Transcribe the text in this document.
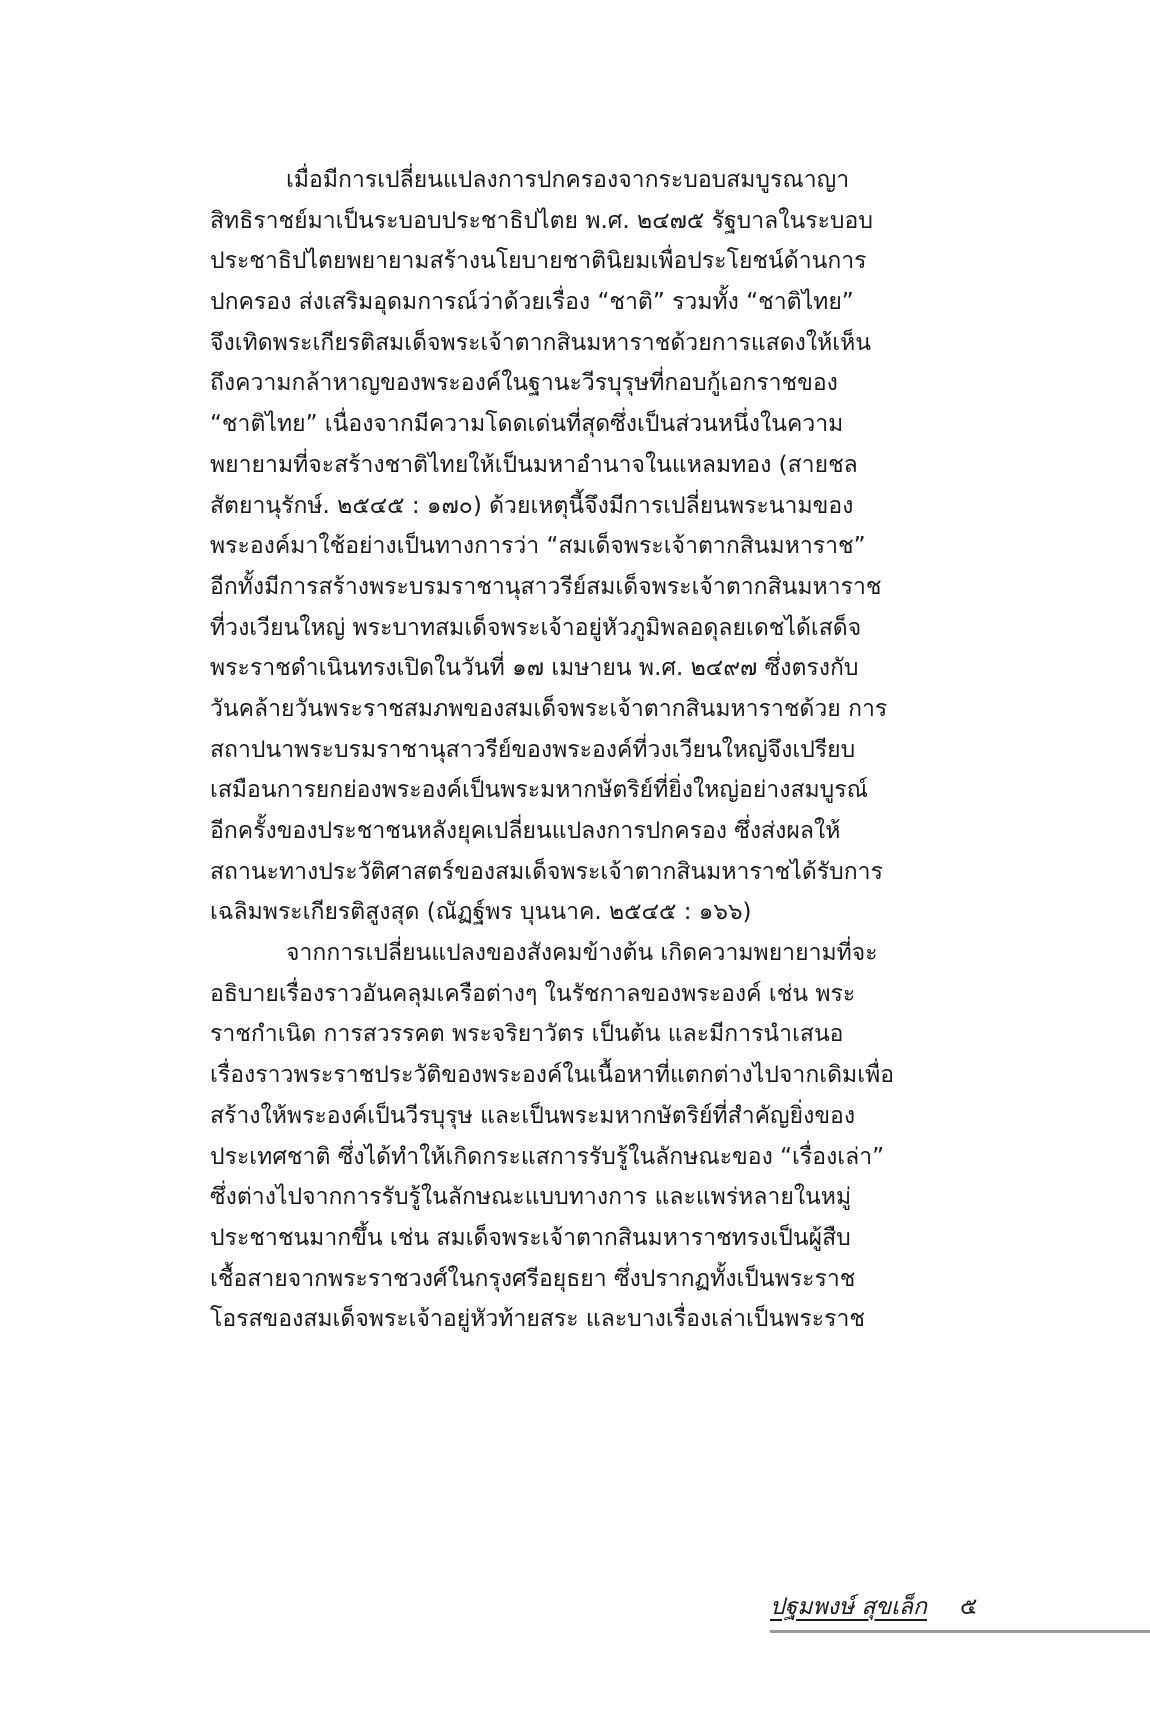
เมื่อมีการเปลี่ยนแปลงการปกครองจากระบอบสมบูรณาญา
สิทธิราชย์มาเป็นระบอบประชาธิปไตย พ.ศ. ๒๔๗๕ รัฐบาลในระบอบ
ประชาธิปไตยพยายามสร้างนโยบายชาตินิยมเพื่อประโยชน์ด้านการ
ปกครอง ส่งเสริมอุดมการณ์ว่าด้วยเรื่อง “ชาติ” รวมทั้ง “ชาติไทย”
จึงเทิดพระเกียรติสมเด็จพระเจ้าตากสินมหาราชด้วยการแสดงให้เห็น
ถึงความกล้าหาญของพระองค์ในฐานะวีรบุรุษที่กอบกู้เอกราชของ
“ชาติไทย” เนื่องจากมีความโดดเด่นที่สุดซึ่งเป็นส่วนหนึ่งในความ
พยายามที่จะสร้างชาติไทยให้เป็นมหาอำนาจในแหลมทอง (สายชล
สัตยานุรักษ์. ๒๕๔๕ : ๑๗๐) ด้วยเหตุนี้จึงมีการเปลี่ยนพระนามของ
พระองค์มาใช้อย่างเป็นทางการว่า “สมเด็จพระเจ้าตากสินมหาราช”
อีกทั้งมีการสร้างพระบรมราชานุสาวรีย์สมเด็จพระเจ้าตากสินมหาราช
ที่วงเวียนใหญ่ พระบาทสมเด็จพระเจ้าอยู่หัวภูมิพลอดุลยเดชได้เสด็จ
พระราชดำเนินทรงเปิดในวันที่ ๑๗ เมษายน พ.ศ. ๒๔๙๗ ซึ่งตรงกับ
วันคล้ายวันพระราชสมภพของสมเด็จพระเจ้าตากสินมหาราชด้วย การ
สถาปนาพระบรมราชานุสาวรีย์ของพระองค์ที่วงเวียนใหญ่จึงเปรียบ
เสมือนการยกย่องพระองค์เป็นพระมหากษัตริย์ที่ยิ่งใหญ่อย่างสมบูรณ์
อีกครั้งของประชาชนหลังยุคเปลี่ยนแปลงการปกครอง ซึ่งส่งผลให้
สถานะทางประวัติศาสตร์ของสมเด็จพระเจ้าตากสินมหาราชได้รับการ
เฉลิมพระเกียรติสูงสุด (ณัฏฐ์พร บุนนาค. ๒๕๔๕ : ๑๖๖)
จากการเปลี่ยนแปลงของสังคมข้างต้น เกิดความพยายามที่จะ
อธิบายเรื่องราวอันคลุมเครือต่างๆ ในรัชกาลของพระองค์ เช่น พระ
ราชกำเนิด การสวรรคต พระจริยาวัตร เป็นต้น และมีการนำเสนอ
เรื่องราวพระราชประวัติของพระองค์ในเนื้อหาที่แตกต่างไปจากเดิมเพื่อ
สร้างให้พระองค์เป็นวีรบุรุษ และเป็นพระมหากษัตริย์ที่สำคัญยิ่งของ
ประเทศชาติ ซึ่งได้ทำให้เกิดกระแสการรับรู้ในลักษณะของ “เรื่องเล่า”
ซึ่งต่างไปจากการรับรู้ในลักษณะแบบทางการ และแพร่หลายในหมู่
ประชาชนมากขึ้น เช่น สมเด็จพระเจ้าตากสินมหาราชทรงเป็นผู้สืบ
เชื้อสายจากพระราชวงศ์ในกรุงศรีอยุธยา ซึ่งปรากฏทั้งเป็นพระราช
โอรสของสมเด็จพระเจ้าอยู่หัวท้ายสระ และบางเรื่องเล่าเป็นพระราช
ปฐมพงษ์ สุขเล็ก ๕
